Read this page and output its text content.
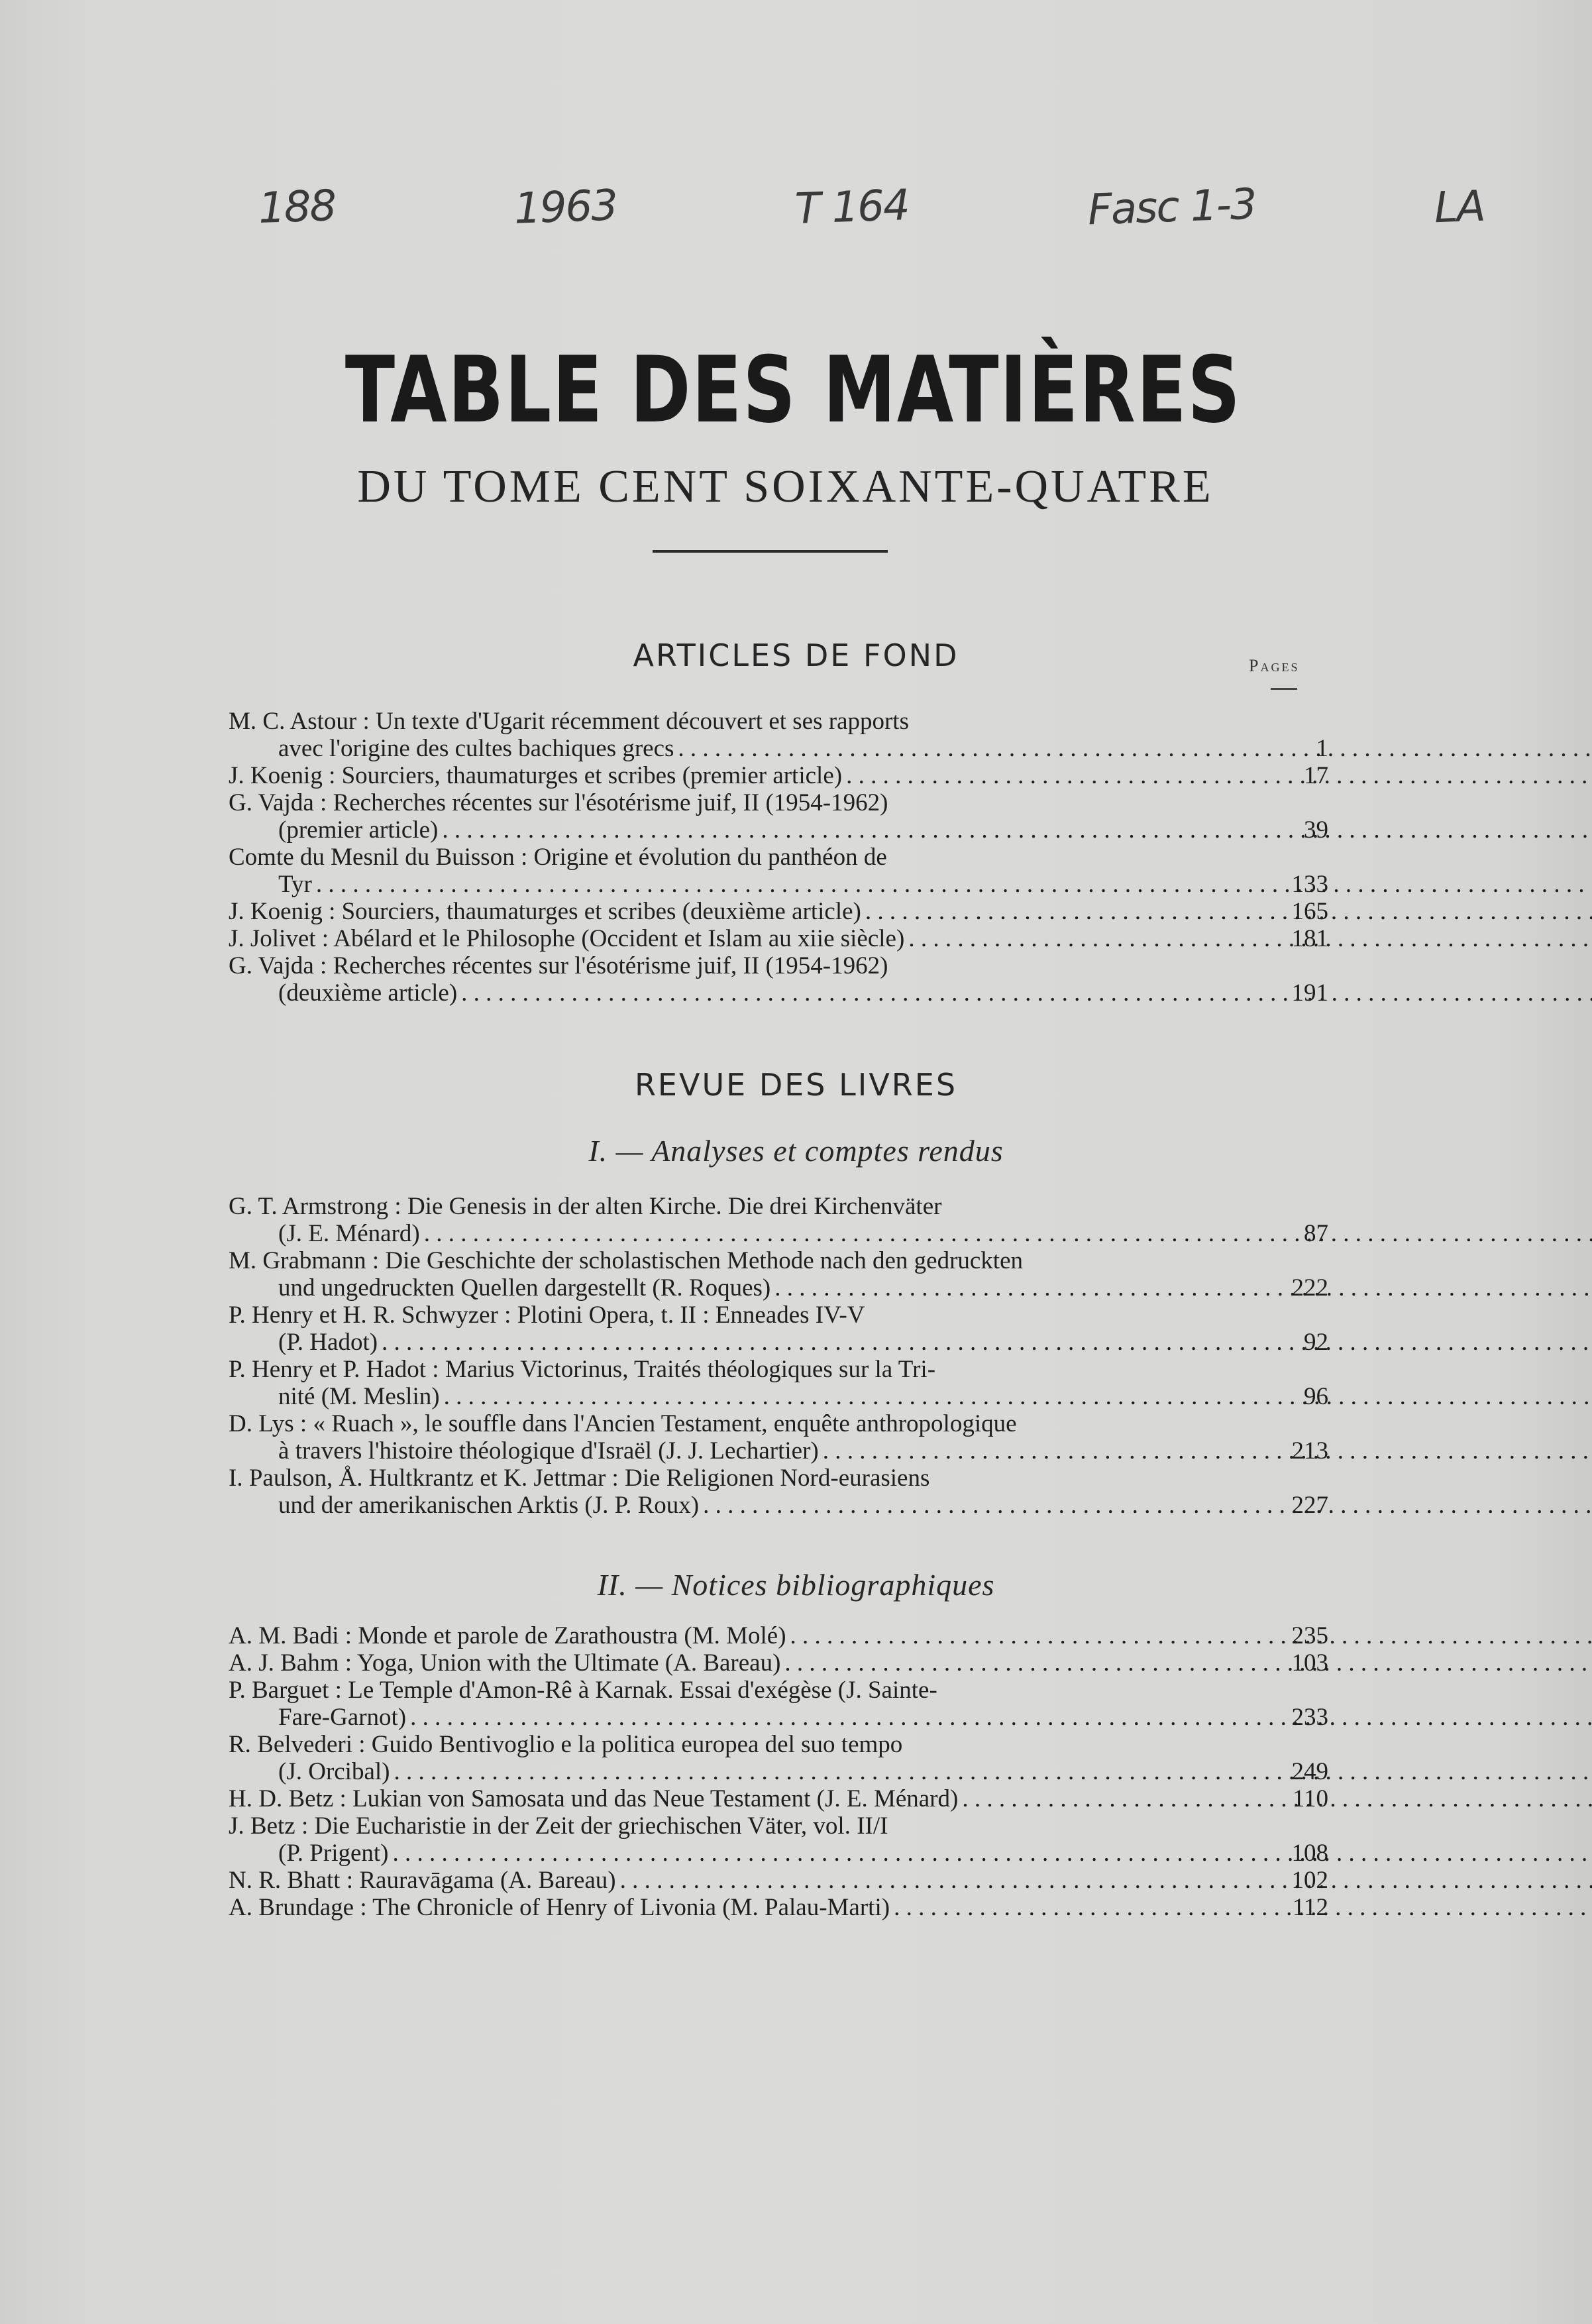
188	1963	T 164	Fasc 1-3	LA
TABLE DES MATIÈRES
DU TOME CENT SOIXANTE-QUATRE
ARTICLES DE FOND	Pages
M. C. Astour : Un texte d'Ugarit récemment découvert et ses rapports
avec l'origine des cultes bachiques grecs . . .	1
J. Koenig : Sourciers, thaumaturges et scribes (premier article) . . .	17
G. Vajda : Recherches récentes sur l'ésotérisme juif, II (1954-1962)
(premier article) . . .	39
Comte du Mesnil du Buisson : Origine et évolution du panthéon de
Tyr . . .	133
J. Koenig : Sourciers, thaumaturges et scribes (deuxième article) . . .	165
J. Jolivet : Abélard et le Philosophe (Occident et Islam au xiie siècle) . . .	181
G. Vajda : Recherches récentes sur l'ésotérisme juif, II (1954-1962)
(deuxième article) . . .	191
REVUE DES LIVRES
I. — Analyses et comptes rendus
G. T. Armstrong : Die Genesis in der alten Kirche. Die drei Kirchenväter
(J. E. Ménard) . . .	87
M. Grabmann : Die Geschichte der scholastischen Methode nach den gedruckten
und ungedruckten Quellen dargestellt (R. Roques) . . .	222
P. Henry et H. R. Schwyzer : Plotini Opera, t. II : Enneades IV-V
(P. Hadot) . . .	92
P. Henry et P. Hadot : Marius Victorinus, Traités théologiques sur la Tri-
nité (M. Meslin) . . .	96
D. Lys : « Ruach », le souffle dans l'Ancien Testament, enquête anthropologique
à travers l'histoire théologique d'Israël (J. J. Lechartier) . . .	213
I. Paulson, Å. Hultkrantz et K. Jettmar : Die Religionen Nord-eurasiens
und der amerikanischen Arktis (J. P. Roux) . . .	227
II. — Notices bibliographiques
A. M. Badi : Monde et parole de Zarathoustra (M. Molé) . . .	235
A. J. Bahm : Yoga, Union with the Ultimate (A. Bareau) . . .	103
P. Barguet : Le Temple d'Amon-Rê à Karnak. Essai d'exégèse (J. Sainte-
Fare-Garnot) . . .	233
R. Belvederi : Guido Bentivoglio e la politica europea del suo tempo
(J. Orcibal) . . .	249
H. D. Betz : Lukian von Samosata und das Neue Testament (J. E. Ménard) . . .	110
J. Betz : Die Eucharistie in der Zeit der griechischen Väter, vol. II/I
(P. Prigent) . . .	108
N. R. Bhatt : Rauravāgama (A. Bareau) . . .	102
A. Brundage : The Chronicle of Henry of Livonia (M. Palau-Marti) . . .	112
